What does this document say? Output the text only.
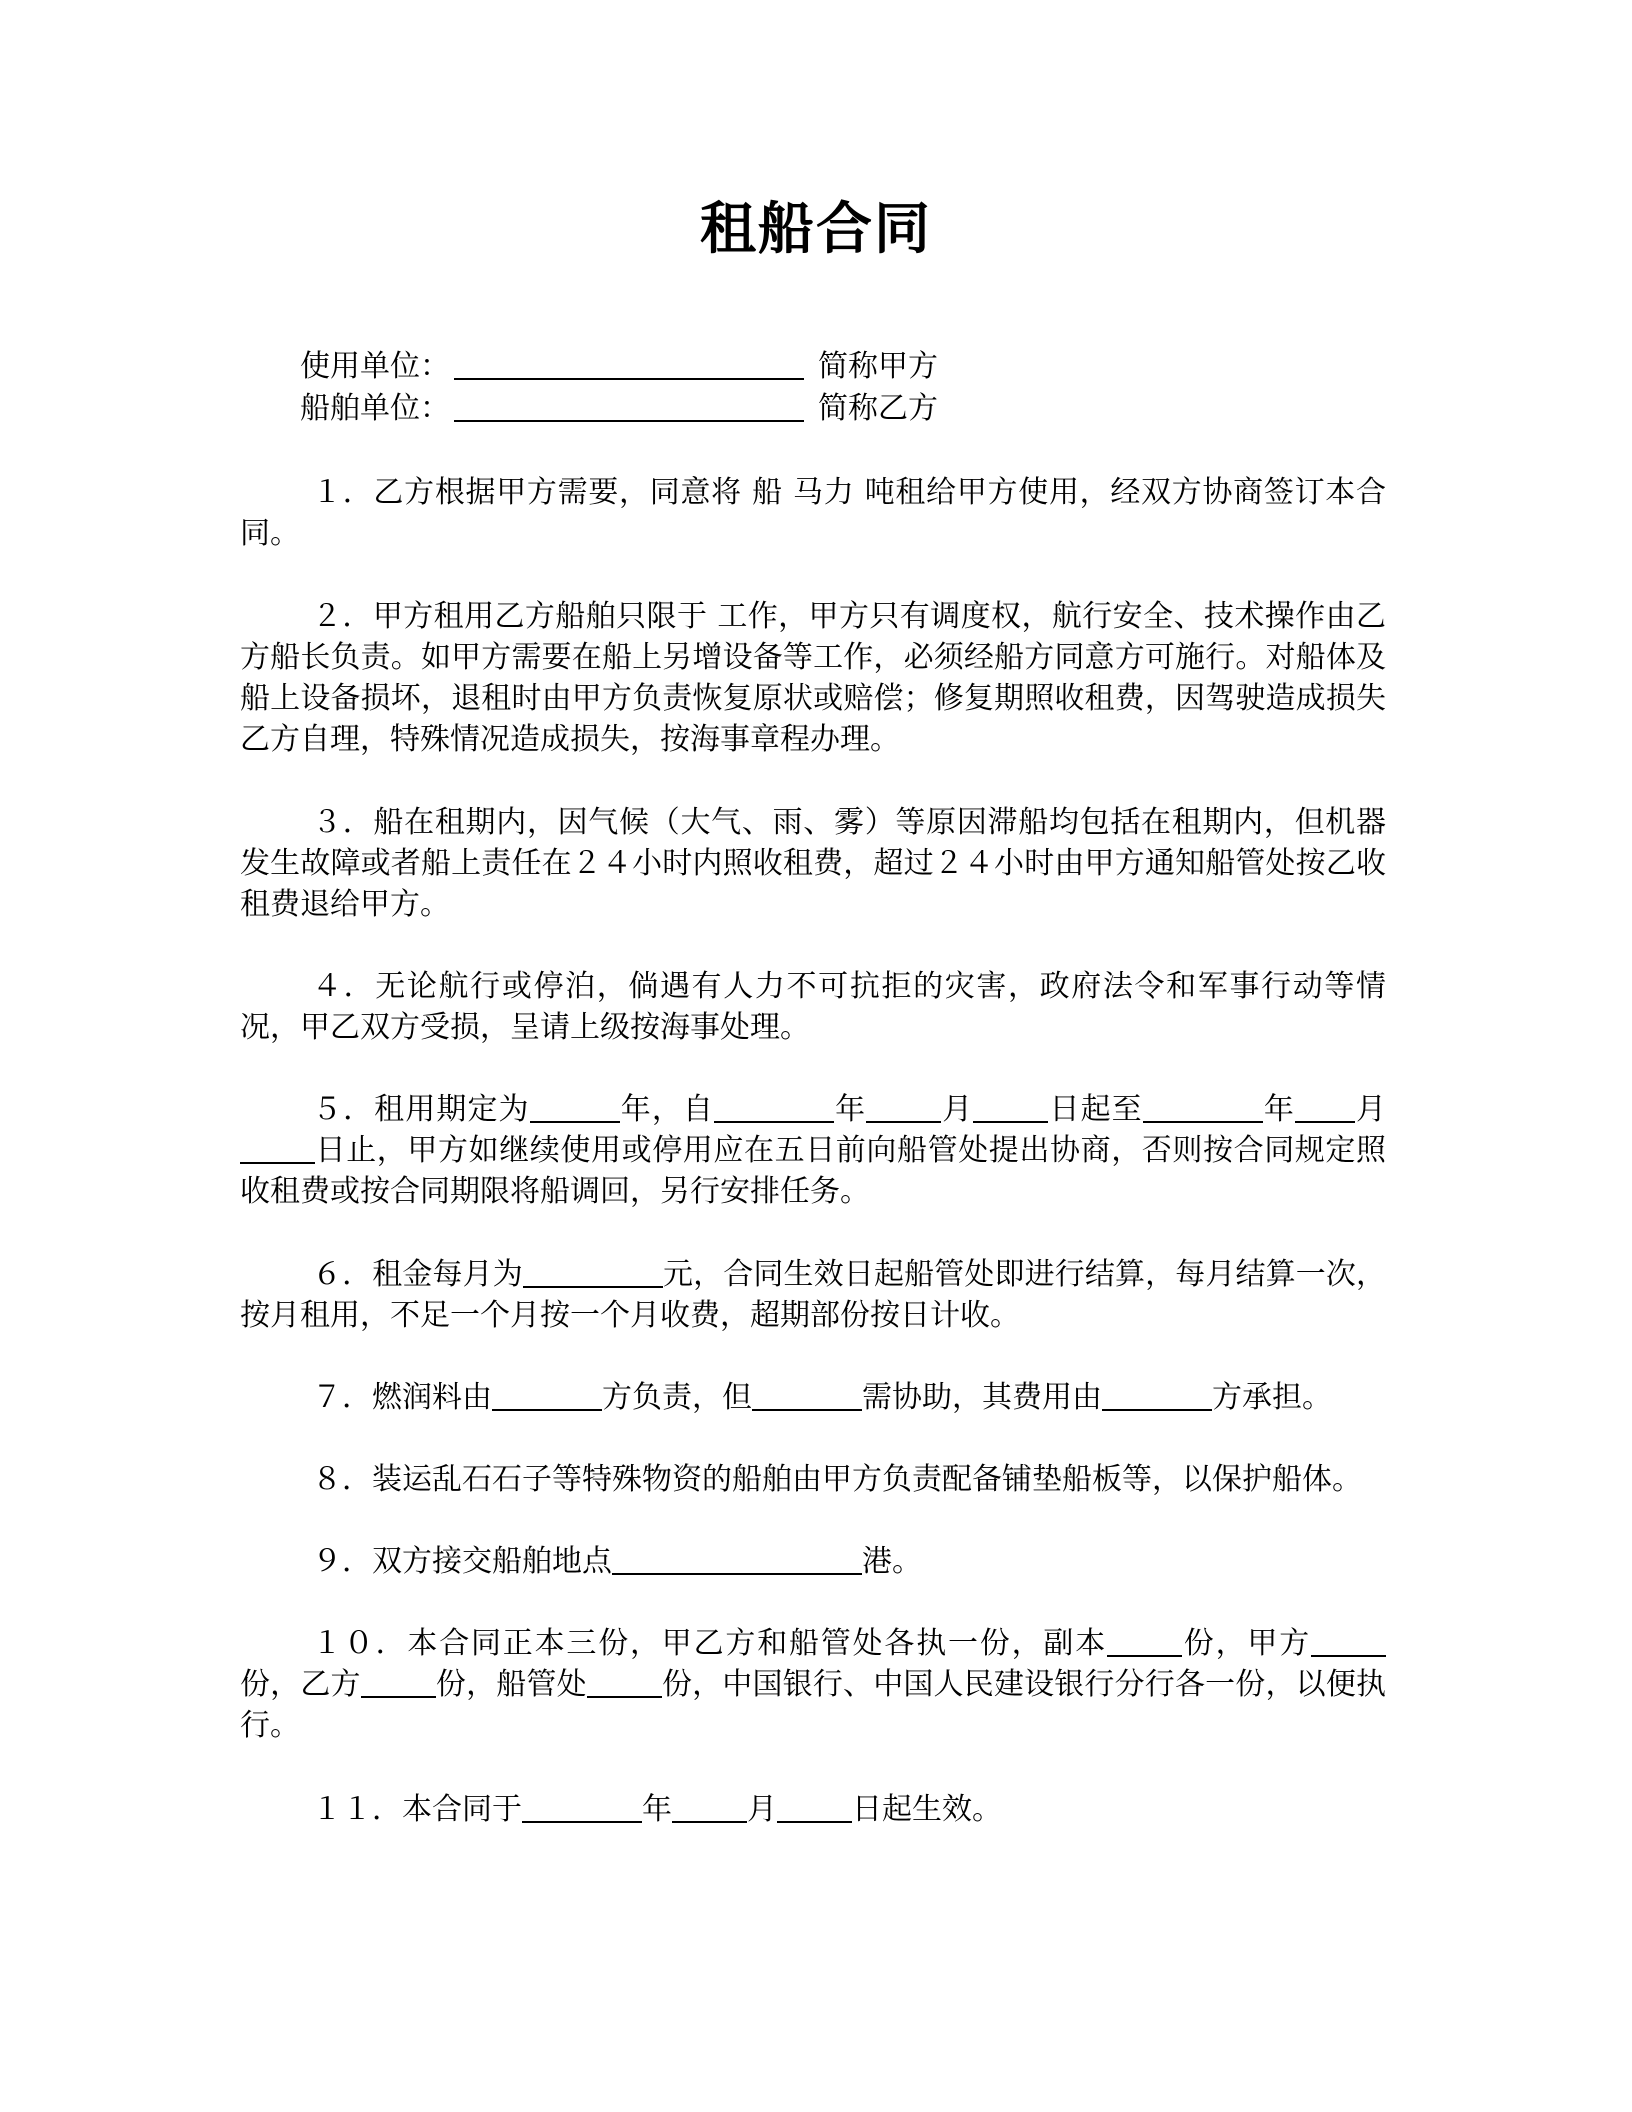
租船合同
使用单位：	简称甲方
船舶单位：	简称乙方
１．乙方根据甲方需要，同意将 船 马力 吨租给甲方使用，经双方协商签订本合同。
２．甲方租用乙方船舶只限于 工作，甲方只有调度权，航行安全、技术操作由乙方船长负责。如甲方需要在船上另增设备等工作，必须经船方同意方可施行。对船体及船上设备损坏，退租时由甲方负责恢复原状或赔偿；修复期照收租费，因驾驶造成损失乙方自理，特殊情况造成损失，按海事章程办理。
３．船在租期内，因气候（大气、雨、雾）等原因滞船均包括在租期内，但机器发生故障或者船上责任在２４小时内照收租费，超过２４小时由甲方通知船管处按乙收租费退给甲方。
４．无论航行或停泊，倘遇有人力不可抗拒的灾害，政府法令和军事行动等情况，甲乙双方受损，呈请上级按海事处理。
５．租用期定为	年，自	年	月	日起至	年 月日止，甲方如继续使用或停用应在五日前向船管处提出协商，否则按合同规定照收租费或按合同期限将船调回，另行安排任务。
６．租金每月为	元，合同生效日起船管处即进行结算，每月结算一次，按月租用，不足一个月按一个月收费，超期部份按日计收。
７．燃润料由	方负责，但	需协助，其费用由	方承担。
８．装运乱石石子等特殊物资的船舶由甲方负责配备铺垫船板等，以保护船体。
９．双方接交船舶地点	港。
１０．本合同正本三份，甲乙方和船管处各执一份，副本	份，甲方份，乙方	份，船管处	份，中国银行、中国人民建设银行分行各一份，以便执行。
１１．本合同于	年	月	日起生效。
